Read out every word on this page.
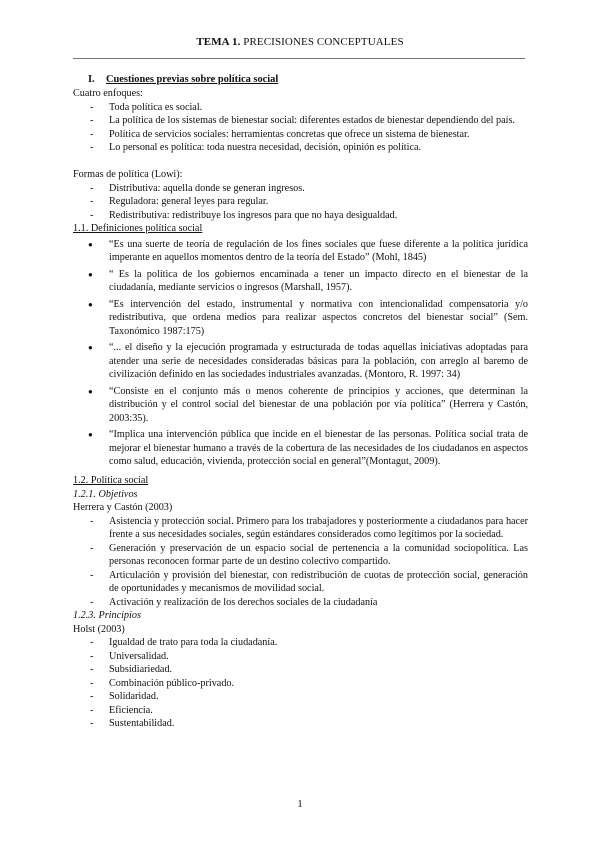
TEMA 1. PRECISIONES CONCEPTUALES
I. Cuestiones previas sobre política social

Cuatro enfoques:

- Toda política es social.
- La política de los sistemas de bienestar social: diferentes estados de bienestar dependiendo del país.
- Política de servicios sociales: herramientas concretas que ofrece un sistema de bienestar.
- Lo personal es política: toda nuestra necesidad, decisión, opinión es política.

Formas de política (Lowi):

- Distributiva: aquella donde se generan ingresos.
- Reguladora: general leyes para regular.
- Redistributiva: redistribuye los ingresos para que no haya desigualdad.

1.1. Definiciones política social

● “Es una suerte de teoría de regulación de los fines sociales que fuese diferente a la política jurídica imperante en aquellos momentos dentro de la teoría del Estado” (Mohl, 1845)
● “ Es la política de los gobiernos encaminada a tener un impacto directo en el bienestar de la ciudadanía, mediante servicios o ingresos (Marshall, 1957).
● “Es intervención del estado, instrumental y normativa con intencionalidad compensatoria y/o redistributiva, que ordena medios para realizar aspectos concretos del bienestar social” (Sem. Taxonómico 1987:175)
● “... el diseño y la ejecución programada y estructurada de todas aquellas iniciativas adoptadas para atender una serie de necesidades consideradas básicas para la población, con arreglo al baremo de civilización definido en las sociedades industriales avanzadas. (Montoro, R. 1997: 34)
● “Consiste en el conjunto más o menos coherente de principios y acciones, que determinan la distribución y el control social del bienestar de una población por vía política” (Herrera y Castón, 2003:35).
● “Implica una intervención pública que incide en el bienestar de las personas. Política social trata de mejorar el bienestar humano a través de la cobertura de las necesidades de los ciudadanos en aspectos como salud, educación, vivienda, protección social en general”(Montagut, 2009).

1.2. Política social

1.2.1. Objetivos

Herrera y Castón (2003)

- Asistencia y protección social. Primero para los trabajadores y posteriormente a ciudadanos para hacer frente a sus necesidades sociales, según estándares considerados como legítimos por la sociedad.
- Generación y preservación de un espacio social de pertenencia a la comunidad sociopolítica. Las personas reconocen formar parte de un destino colectivo compartido.
- Articulación y provisión del bienestar, con redistribución de cuotas de protección social, generación de oportunidades y mecanismos de movilidad social.
- Activación y realización de los derechos sociales de la ciudadanía

1.2.3. Principios

Holst (2003)

- Igualdad de trato para toda la ciudadanía.
- Universalidad.
- Subsidiariedad.
- Combinación público-privado.
- Solidaridad.
- Eficiencia.
- Sustentabilidad.
1
